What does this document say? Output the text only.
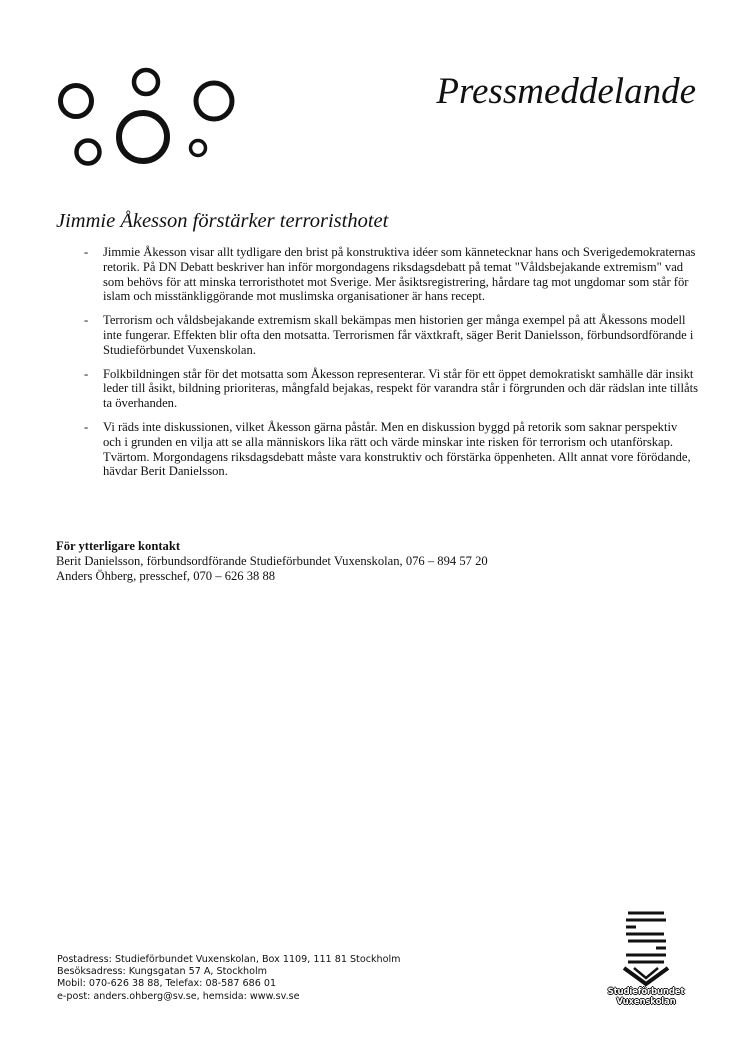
Pressmeddelande
Jimmie Åkesson förstärker terroristhotet
- Jimmie Åkesson visar allt tydligare den brist på konstruktiva idéer som kännetecknar hans och Sverigedemokraternas retorik. På DN Debatt beskriver han inför morgondagens riksdagsdebatt på temat "Våldsbejakande extremism" vad som behövs för att minska terroristhotet mot Sverige. Mer åsiktsregistrering, hårdare tag mot ungdomar som står för islam och misstänkliggörande mot muslimska organisationer är hans recept.
- Terrorism och våldsbejakande extremism skall bekämpas men historien ger många exempel på att Åkessons modell inte fungerar. Effekten blir ofta den motsatta. Terrorismen får växtkraft, säger Berit Danielsson, förbundsordförande i Studieförbundet Vuxenskolan.
- Folkbildningen står för det motsatta som Åkesson representerar. Vi står för ett öppet demokratiskt samhälle där insikt leder till åsikt, bildning prioriteras, mångfald bejakas, respekt för varandra står i förgrunden och där rädslan inte tillåts ta överhanden.
- Vi räds inte diskussionen, vilket Åkesson gärna påstår. Men en diskussion byggd på retorik som saknar perspektiv och i grunden en vilja att se alla människors lika rätt och värde minskar inte risken för terrorism och utanförskap. Tvärtom. Morgondagens riksdagsdebatt måste vara konstruktiv och förstärka öppenheten. Allt annat vore förödande, hävdar Berit Danielsson.
För ytterligare kontakt
Berit Danielsson, förbundsordförande Studieförbundet Vuxenskolan, 076 – 894 57 20
Anders Öhberg, presschef, 070 – 626 38 88
Postadress: Studieförbundet Vuxenskolan, Box 1109, 111 81 Stockholm
Besöksadress: Kungsgatan 57 A, Stockholm
Mobil: 070-626 38 88, Telefax: 08-587 686 01
e-post: anders.ohberg@sv.se, hemsida: www.sv.se	Studieförbundet
Vuxenskolan
